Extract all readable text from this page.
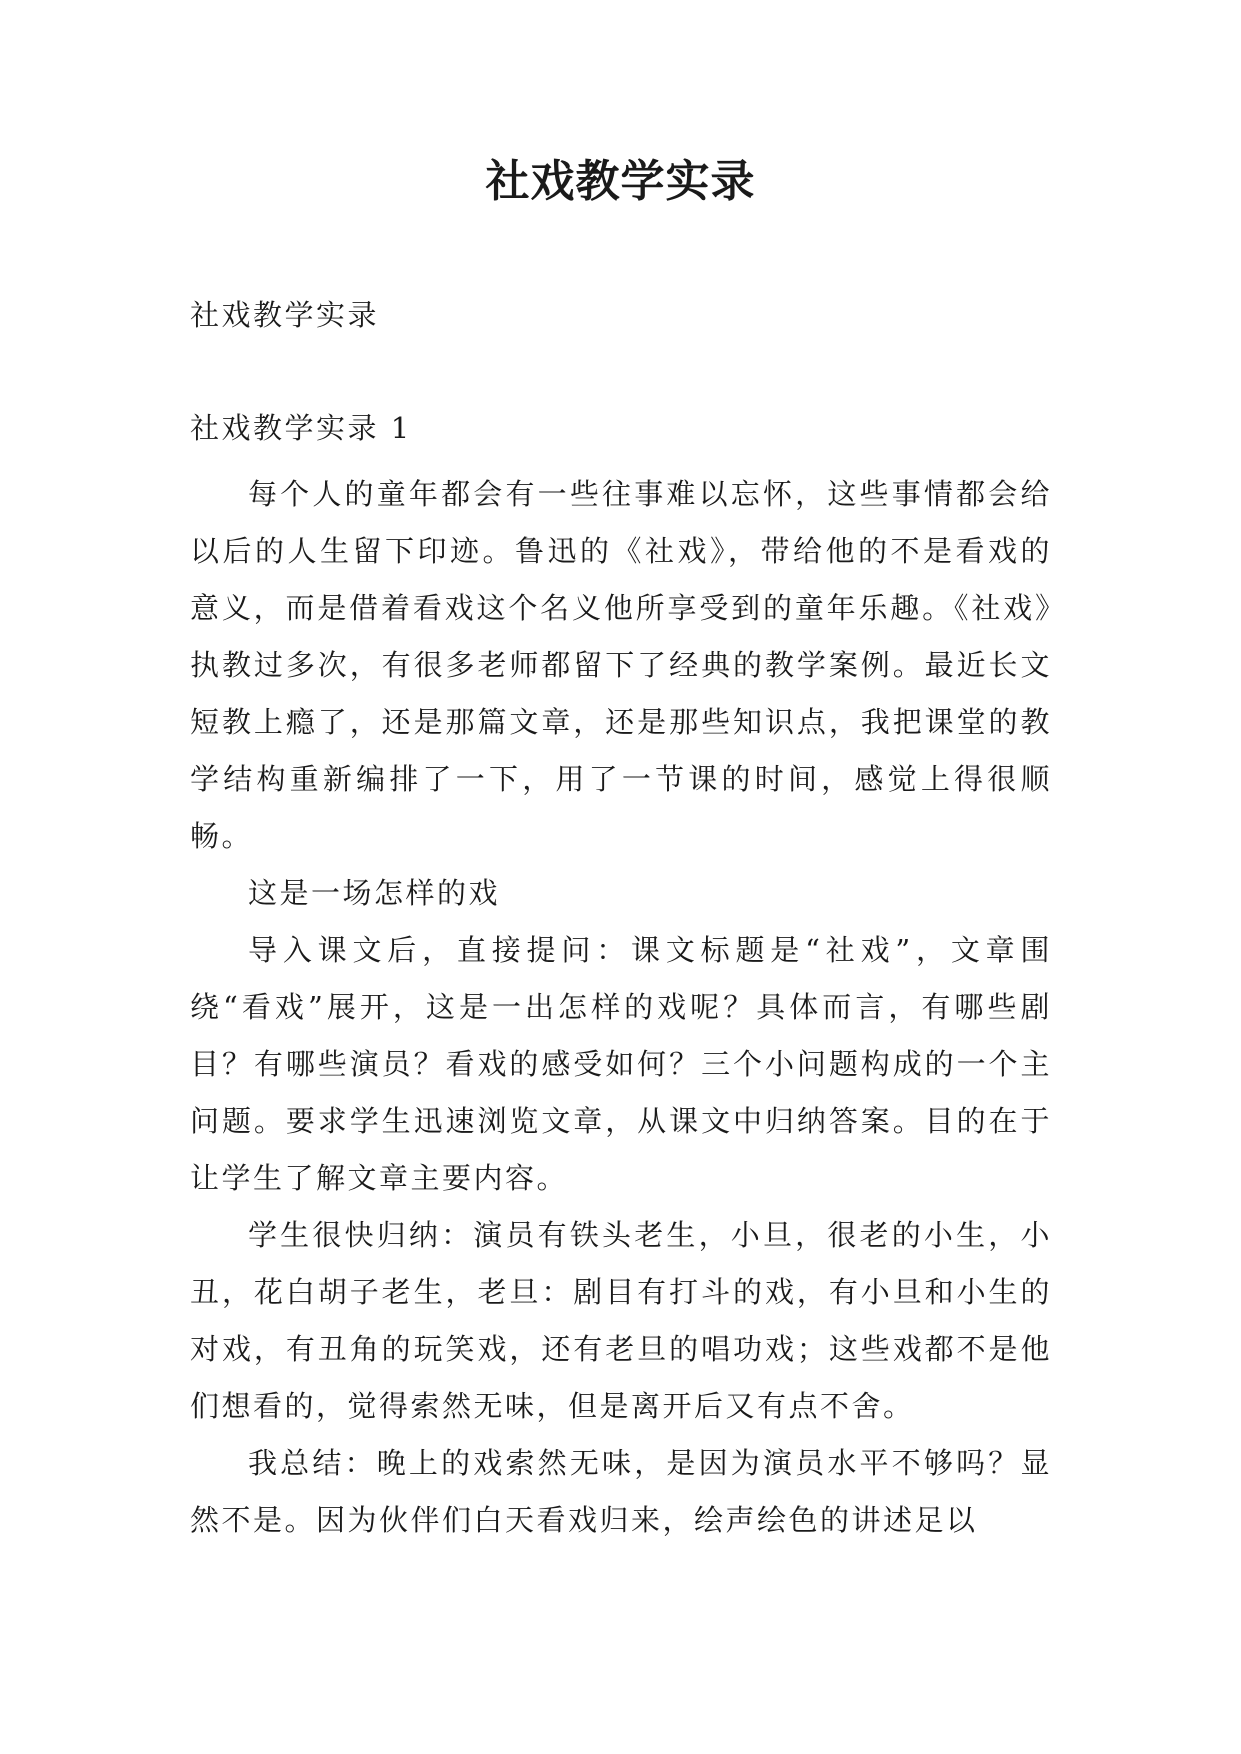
社戏教学实录
社戏教学实录
社戏教学实录 1

每个人的童年都会有一些往事难以忘怀，这些事情都会给以后的人生留下印迹。鲁迅的《社戏》，带给他的不是看戏的意义，而是借着看戏这个名义他所享受到的童年乐趣。《社戏》执教过多次，有很多老师都留下了经典的教学案例。最近长文短教上瘾了，还是那篇文章，还是那些知识点，我把课堂的教学结构重新编排了一下，用了一节课的时间，感觉上得很顺畅。

这是一场怎样的戏

导入课文后，直接提问：课文标题是“社戏”，文章围绕“看戏”展开，这是一出怎样的戏呢？具体而言，有哪些剧目？有哪些演员？看戏的感受如何？三个小问题构成的一个主问题。要求学生迅速浏览文章，从课文中归纳答案。目的在于让学生了解文章主要内容。

学生很快归纳：演员有铁头老生，小旦，很老的小生，小丑，花白胡子老生，老旦：剧目有打斗的戏，有小旦和小生的对戏，有丑角的玩笑戏，还有老旦的唱功戏；这些戏都不是他们想看的，觉得索然无味，但是离开后又有点不舍。

我总结：晚上的戏索然无味，是因为演员水平不够吗？显然不是。因为伙伴们白天看戏归来，绘声绘色的讲述足以
